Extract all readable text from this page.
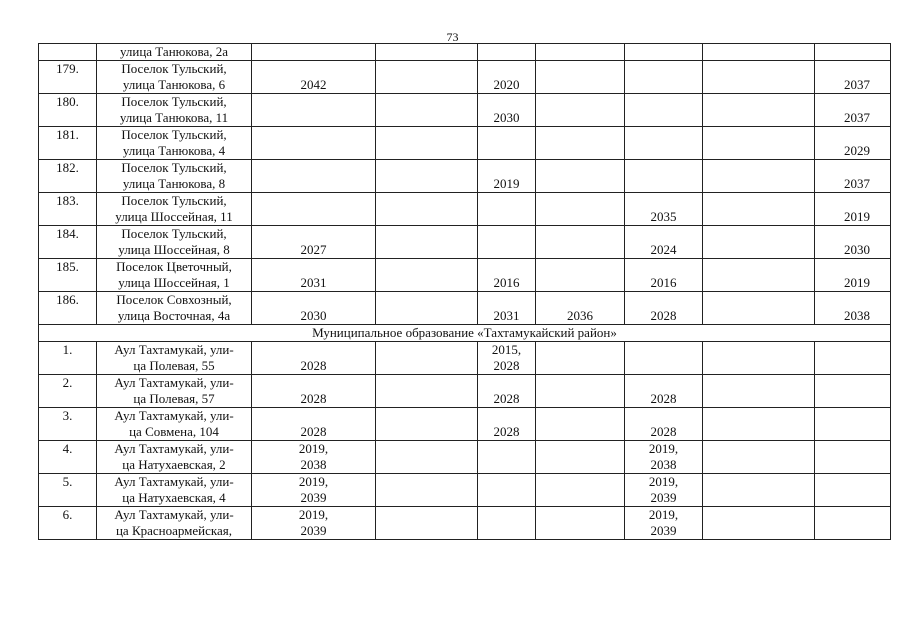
73
	улица Танюкова, 2а							
179.	Поселок Тульский,
улица Танюкова, 6	2042		2020				2037
180.	Поселок Тульский,
улица Танюкова, 11			2030				2037
181.	Поселок Тульский,
улица Танюкова, 4							2029
182.	Поселок Тульский,
улица Танюкова, 8			2019				2037
183.	Поселок Тульский,
улица Шоссейная, 11					2035		2019
184.	Поселок Тульский,
улица Шоссейная, 8	2027				2024		2030
185.	Поселок Цветочный,
улица Шоссейная, 1	2031		2016		2016		2019
186.	Поселок Совхозный,
улица Восточная, 4а	2030		2031	2036	2028		2038
Муниципальное образование «Тахтамукайский район»								
1.	Аул Тахтамукай, ули-
ца Полевая, 55	2028		2015,
2028				
2.	Аул Тахтамукай, ули-
ца Полевая, 57	2028		2028		2028		
3.	Аул Тахтамукай, ули-
ца Совмена, 104	2028		2028		2028		
4.	Аул Тахтамукай, ули-
ца Натухаевская, 2	2019,
2038				2019,
2038		
5.	Аул Тахтамукай, ули-
ца Натухаевская, 4	2019,
2039				2019,
2039		
6.	Аул Тахтамукай, ули-
ца Красноармейская,	2019,
2039				2019,
2039		
